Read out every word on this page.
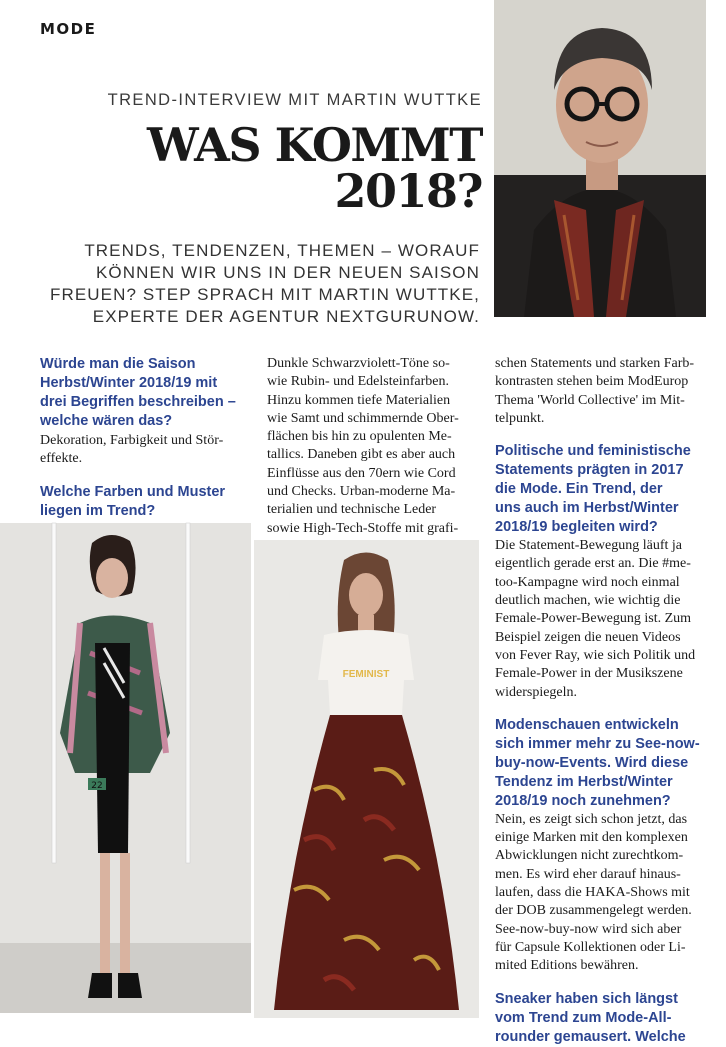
MODE
TREND-INTERVIEW MIT MARTIN WUTTKE
WAS KOMMT
2018?
TRENDS, TENDENZEN, THEMEN – WORAUF
KÖNNEN WIR UNS IN DER NEUEN SAISON
FREUEN? STEP SPRACH MIT MARTIN WUTTKE,
EXPERTE DER AGENTUR NEXTGURUNOW.
Würde man die Saison
Herbst/Winter 2018/19 mit
drei Begriffen beschreiben –
welche wären das?
Dekoration, Farbigkeit und Stör-
effekte.
Welche Farben und Muster
liegen im Trend?
Dunkle Schwarzviolett-Töne so-
wie Rubin- und Edelsteinfarben.
Hinzu kommen tiefe Materialien
wie Samt und schimmernde Ober-
flächen bis hin zu opulenten Me-
tallics. Daneben gibt es aber auch
Einflüsse aus den 70ern wie Cord
und Checks. Urban-moderne Ma-
terialien und technische Leder
sowie High-Tech-Stoffe mit grafi-
schen Statements und starken Farb-
kontrasten stehen beim ModEurop
Thema 'World Collective' im Mit-
telpunkt.
Politische und feministische
Statements prägten in 2017
die Mode. Ein Trend, der
uns auch im Herbst/Winter
2018/19 begleiten wird?
Die Statement-Bewegung läuft ja
eigentlich gerade erst an. Die #me-
too-Kampagne wird noch einmal
deutlich machen, wie wichtig die
Female-Power-Bewegung ist. Zum
Beispiel zeigen die neuen Videos
von Fever Ray, wie sich Politik und
Female-Power in der Musikszene
widerspiegeln.
Modenschauen entwickeln
sich immer mehr zu See-now-
buy-now-Events. Wird diese
Tendenz im Herbst/Winter
2018/19 noch zunehmen?
Nein, es zeigt sich schon jetzt, das
einige Marken mit den komplexen
Abwicklungen nicht zurechtkom-
men. Es wird eher darauf hinaus-
laufen, dass die HAKA-Shows mit
der DOB zusammengelegt werden.
See-now-buy-now wird sich aber
für Capsule Kollektionen oder Li-
mited Editions bewähren.
Sneaker haben sich längst
vom Trend zum Mode-All-
rounder gemausert. Welche
22
FEMINIST
